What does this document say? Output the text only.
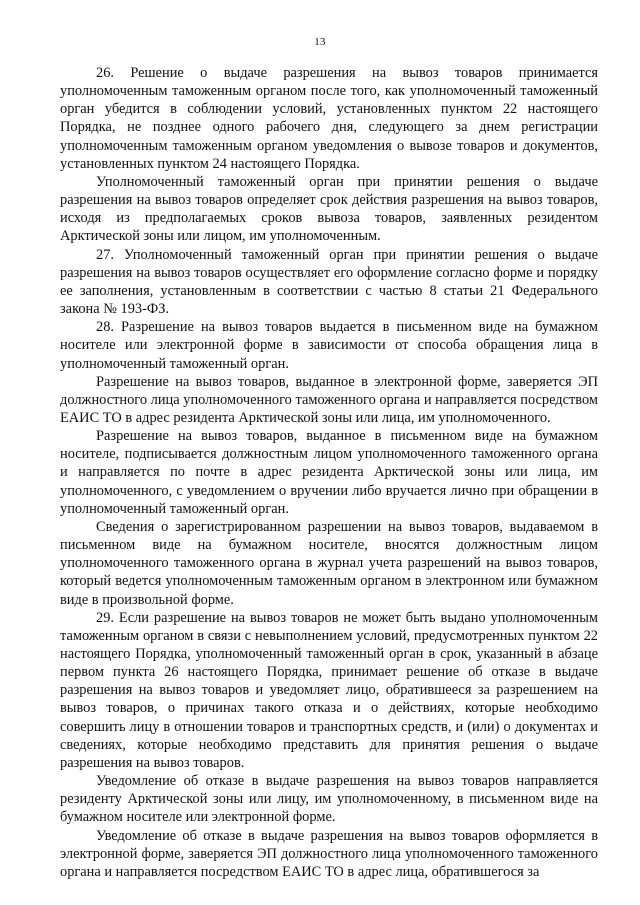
13

26. Решение о выдаче разрешения на вывоз товаров принимается уполномоченным таможенным органом после того, как уполномоченный таможенный орган убедится в соблюдении условий, установленных пунктом 22 настоящего Порядка, не позднее одного рабочего дня, следующего за днем регистрации уполномоченным таможенным органом уведомления о вывозе товаров и документов, установленных пунктом 24 настоящего Порядка.

Уполномоченный таможенный орган при принятии решения о выдаче разрешения на вывоз товаров определяет срок действия разрешения на вывоз товаров, исходя из предполагаемых сроков вывоза товаров, заявленных резидентом Арктической зоны или лицом, им уполномоченным.

27. Уполномоченный таможенный орган при принятии решения о выдаче разрешения на вывоз товаров осуществляет его оформление согласно форме и порядку ее заполнения, установленным в соответствии с частью 8 статьи 21 Федерального закона № 193-ФЗ.

28. Разрешение на вывоз товаров выдается в письменном виде на бумажном носителе или электронной форме в зависимости от способа обращения лица в уполномоченный таможенный орган.

Разрешение на вывоз товаров, выданное в электронной форме, заверяется ЭП должностного лица уполномоченного таможенного органа и направляется посредством ЕАИС ТО в адрес резидента Арктической зоны или лица, им уполномоченного.

Разрешение на вывоз товаров, выданное в письменном виде на бумажном носителе, подписывается должностным лицом уполномоченного таможенного органа и направляется по почте в адрес резидента Арктической зоны или лица, им уполномоченного, с уведомлением о вручении либо вручается лично при обращении в уполномоченный таможенный орган.

Сведения о зарегистрированном разрешении на вывоз товаров, выдаваемом в письменном виде на бумажном носителе, вносятся должностным лицом уполномоченного таможенного органа в журнал учета разрешений на вывоз товаров, который ведется уполномоченным таможенным органом в электронном или бумажном виде в произвольной форме.

29. Если разрешение на вывоз товаров не может быть выдано уполномоченным таможенным органом в связи с невыполнением условий, предусмотренных пунктом 22 настоящего Порядка, уполномоченный таможенный орган в срок, указанный в абзаце первом пункта 26 настоящего Порядка, принимает решение об отказе в выдаче разрешения на вывоз товаров и уведомляет лицо, обратившееся за разрешением на вывоз товаров, о причинах такого отказа и о действиях, которые необходимо совершить лицу в отношении товаров и транспортных средств, и (или) о документах и сведениях, которые необходимо представить для принятия решения о выдаче разрешения на вывоз товаров.

Уведомление об отказе в выдаче разрешения на вывоз товаров направляется резиденту Арктической зоны или лицу, им уполномоченному, в письменном виде на бумажном носителе или электронной форме.

Уведомление об отказе в выдаче разрешения на вывоз товаров оформляется в электронной форме, заверяется ЭП должностного лица уполномоченного таможенного органа и направляется посредством ЕАИС ТО в адрес лица, обратившегося за
